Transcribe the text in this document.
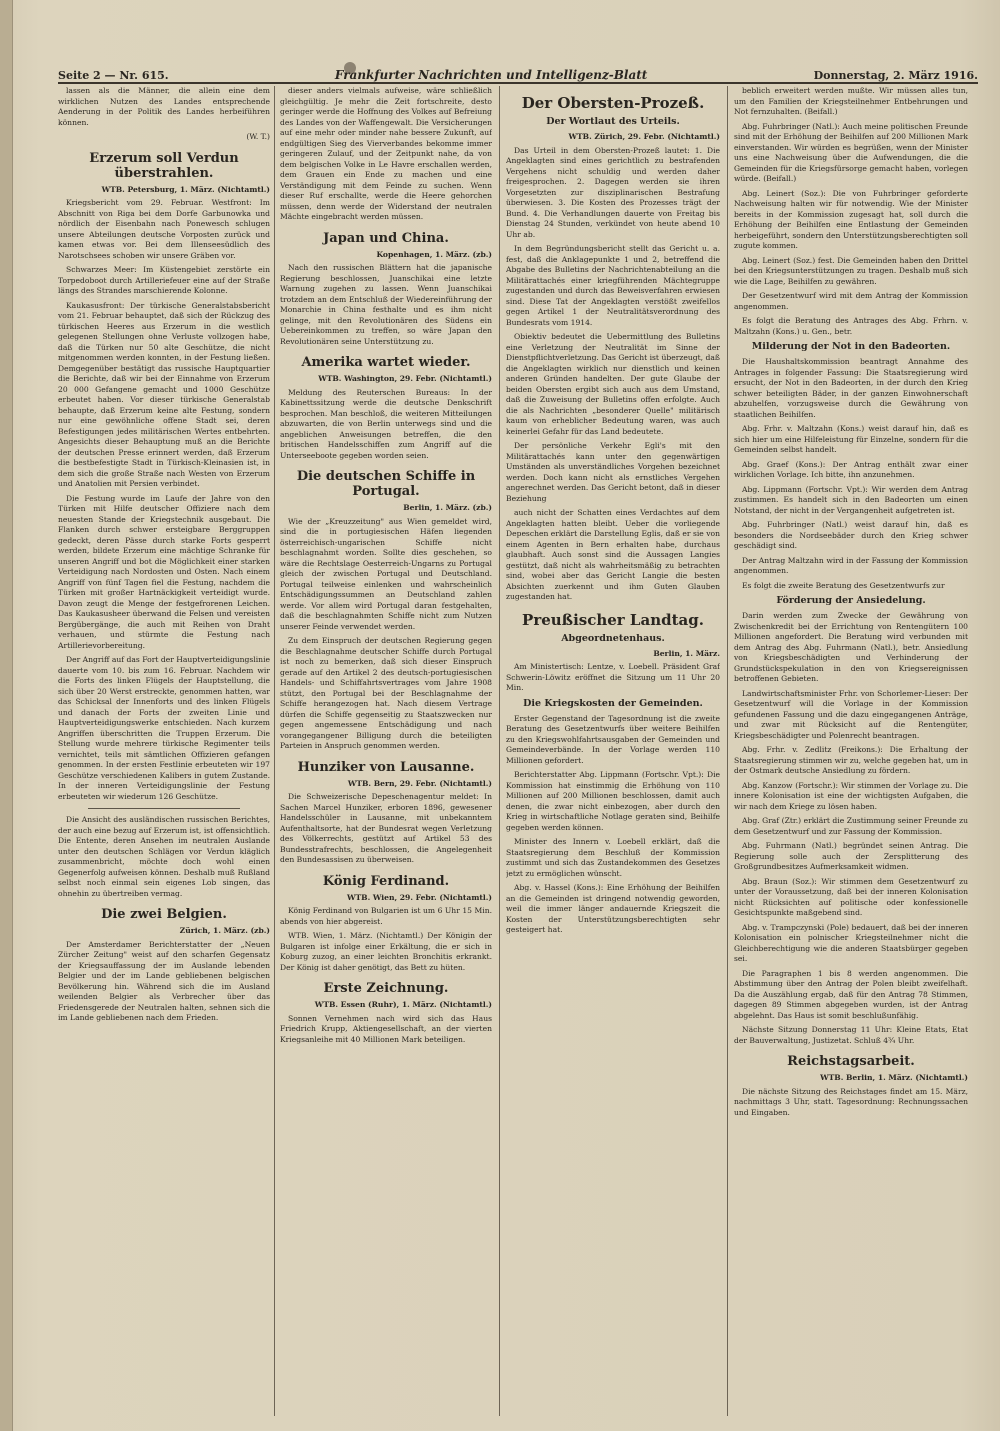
Seite 2 — Nr. 615.	Frankfurter Nachrichten und Intelligenz-Blatt	Donnerstag, 2. März 1916.

lassen als die Männer, die allein eine dem wirklichen Nutzen des Landes entsprechende Aenderung in der Politik des Landes herbeiführen können.

(W. T.)
Erzerum soll Verdun überstrahlen.
WTB. Petersburg, 1. März. (Nichtamtl.)

Kriegsbericht vom 29. Februar. Westfront: Im Abschnitt von Riga bei dem Dorfe Garbunowka und nördlich der Eisenbahn nach Ponewesch schlugen unsere Abteilungen deutsche Vorposten zurück und kamen etwas vor. Bei dem Illenseesüdlich des Narotschsees schoben wir unsere Gräben vor.

Schwarzes Meer: Im Küstengebiet zerstörte ein Torpedoboot durch Artilleriefeuer eine auf der Straße längs des Strandes marschierende Kolonne.

Kaukasusfront: Der türkische Generalstabsbericht vom 21. Februar behauptet, daß sich der Rückzug des türkischen Heeres aus Erzerum in die westlich gelegenen Stellungen ohne Verluste vollzogen habe, daß die Türken nur 50 alte Geschütze, die nicht mitgenommen werden konnten, in der Festung ließen. Demgegenüber bestätigt das russische Hauptquartier die Berichte, daß wir bei der Einnahme von Erzerum 20 000 Gefangene gemacht und 1000 Geschütze erbeutet haben. Vor dieser türkische Generalstab behaupte, daß Erzerum keine alte Festung, sondern nur eine gewöhnliche offene Stadt sei, deren Befestigungen jedes militärischen Wertes entbehrten. Angesichts dieser Behauptung muß an die Berichte der deutschen Presse erinnert werden, daß Erzerum die bestbefestigte Stadt in Türkisch-Kleinasien ist, in dem sich die große Straße nach Westen von Erzerum und Anatolien mit Persien verbindet.

Die Festung wurde im Laufe der Jahre von den Türken mit Hilfe deutscher Offiziere nach dem neuesten Stande der Kriegstechnik ausgebaut. Die Flanken durch schwer ersteigbare Berggruppen gedeckt, deren Pässe durch starke Forts gesperrt werden, bildete Erzerum eine mächtige Schranke für unseren Angriff und bot die Möglichkeit einer starken Verteidigung nach Nordosten und Osten. Nach einem Angriff von fünf Tagen fiel die Festung, nachdem die Türken mit großer Hartnäckigkeit verteidigt wurde. Davon zeugt die Menge der festgefrorenen Leichen. Das Kaukasusheer überwand die Felsen und vereisten Bergübergänge, die auch mit Reihen von Draht verhauen, und stürmte die Festung nach Artillerievorbereitung.

Der Angriff auf das Fort der Hauptverteidigungslinie dauerte vom 10. bis zum 16. Februar. Nachdem wir die Forts des linken Flügels der Hauptstellung, die sich über 20 Werst erstreckte, genommen hatten, war das Schicksal der Innenforts und des linken Flügels und danach der Forts der zweiten Linie und Hauptverteidigungswerke entschieden. Nach kurzem Angriffen überschritten die Truppen Erzerum. Die Stellung wurde mehrere türkische Regimenter teils vernichtet, teils mit sämtlichen Offizieren gefangen genommen. In der ersten Festlinie erbeuteten wir 197 Geschütze verschiedenen Kalibers in gutem Zustande. In der inneren Verteidigungslinie der Festung erbeuteten wir wiederum 126 Geschütze.

Die Ansicht des ausländischen russischen Berichtes, der auch eine bezug auf Erzerum ist, ist offensichtlich. Die Entente, deren Ansehen im neutralen Auslande unter den deutschen Schlägen vor Verdun kläglich zusammenbricht, möchte doch wohl einen Gegenerfolg aufweisen können. Deshalb muß Rußland selbst noch einmal sein eigenes Lob singen, das ohnehin zu übertreiben vermag.

Die zwei Belgien.
Zürich, 1. März. (zb.)

Der Amsterdamer Berichterstatter der „Neuen Zürcher Zeitung" weist auf den scharfen Gegensatz der Kriegsauffassung der im Auslande lebenden Belgier und der im Lande gebliebenen belgischen Bevölkerung hin. Während sich die im Ausland weilenden Belgier als Verbrecher über das Friedensgerede der Neutralen halten, sehnen sich die im Lande gebliebenen nach dem Frieden.

dieser anders vielmals aufweise, wäre schließlich gleichgültig. Je mehr die Zeit fortschreite, desto geringer werde die Hoffnung des Volkes auf Befreiung des Landes von der Waffengewalt. Die Versicherungen auf eine mehr oder minder nahe bessere Zukunft, auf endgültigen Sieg des Vierverbandes bekomme immer geringeren Zulauf, und der Zeitpunkt nahe, da von dem belgischen Volke in Le Havre erschallen werden, dem Grauen ein Ende zu machen und eine Verständigung mit dem Feinde zu suchen. Wenn dieser Ruf erschallte, werde die Heere gehorchen müssen, denn werde der Widerstand der neutralen Mächte eingebracht werden müssen.

Japan und China.
Kopenhagen, 1. März. (zb.)

Nach den russischen Blättern hat die japanische Regierung beschlossen, Juanschikai eine letzte Warnung zugehen zu lassen. Wenn Juanschikai trotzdem an dem Entschluß der Wiedereinführung der Monarchie in China festhalte und es ihm nicht gelinge, mit den Revolutionären des Südens ein Uebereinkommen zu treffen, so wäre Japan den Revolutionären seine Unterstützung zu.

Amerika wartet wieder.
WTB. Washington, 29. Febr. (Nichtamtl.)

Meldung des Reuterschen Bureaus: In der Kabinettssitzung werde die deutsche Denkschrift besprochen. Man beschloß, die weiteren Mitteilungen abzuwarten, die von Berlin unterwegs sind und die angeblichen Anweisungen betreffen, die den britischen Handelsschiffen zum Angriff auf die Unterseeboote gegeben worden seien.

Die deutschen Schiffe in Portugal.
Berlin, 1. März. (zb.)

Wie der „Kreuzzeitung" aus Wien gemeldet wird, sind die in portugiesischen Häfen liegenden österreichisch-ungarischen Schiffe nicht beschlagnahmt worden. Sollte dies geschehen, so wäre die Rechtslage Oesterreich-Ungarns zu Portugal gleich der zwischen Portugal und Deutschland. Portugal teilweise einlenken und wahrscheinlich Entschädigungssummen an Deutschland zahlen werde. Vor allem wird Portugal daran festgehalten, daß die beschlagnahmten Schiffe nicht zum Nutzen unserer Feinde verwendet werden.

Zu dem Einspruch der deutschen Regierung gegen die Beschlagnahme deutscher Schiffe durch Portugal ist noch zu bemerken, daß sich dieser Einspruch gerade auf den Artikel 2 des deutsch-portugiesischen Handels- und Schiffahrtsvertrages vom Jahre 1908 stützt, den Portugal bei der Beschlagnahme der Schiffe herangezogen hat. Nach diesem Vertrage dürfen die Schiffe gegenseitig zu Staatszwecken nur gegen angemessene Entschädigung und nach vorangegangener Billigung durch die beteiligten Parteien in Anspruch genommen werden.

Hunziker von Lausanne.
WTB. Bern, 29. Febr. (Nichtamtl.)

Die Schweizerische Depeschenagentur meldet: In Sachen Marcel Hunziker, erboren 1896, gewesener Handelsschüler in Lausanne, mit unbekanntem Aufenthaltsorte, hat der Bundesrat wegen Verletzung des Völkerrechts, gestützt auf Artikel 53 des Bundesstrafrechts, beschlossen, die Angelegenheit den Bundesassisen zu überweisen.

König Ferdinand.
WTB. Wien, 29. Febr. (Nichtamtl.)

König Ferdinand von Bulgarien ist um 6 Uhr 15 Min. abends von hier abgereist.

WTB. Wien, 1. März. (Nichtamtl.) Der Königin der Bulgaren ist infolge einer Erkältung, die er sich in Koburg zuzog, an einer leichten Bronchitis erkrankt. Der König ist daher genötigt, das Bett zu hüten.

Erste Zeichnung.
WTB. Essen (Ruhr), 1. März. (Nichtamtl.)

Sonnen Vernehmen nach wird sich das Haus Friedrich Krupp, Aktiengesellschaft, an der vierten Kriegsanleihe mit 40 Millionen Mark beteiligen.

Der Obersten-Prozeß.
Der Wortlaut des Urteils.
WTB. Zürich, 29. Febr. (Nichtamtl.)

Das Urteil in dem Obersten-Prozeß lautet: 1. Die Angeklagten sind eines gerichtlich zu bestrafenden Vergehens nicht schuldig und werden daher freigesprochen. 2. Dagegen werden sie ihren Vorgesetzten zur disziplinarischen Bestrafung überwiesen. 3. Die Kosten des Prozesses trägt der Bund. 4. Die Verhandlungen dauerte von Freitag bis Dienstag 24 Stunden, verkündet von heute abend 10 Uhr ab.

In dem Begründungsbericht stellt das Gericht u. a. fest, daß die Anklagepunkte 1 und 2, betreffend die Abgabe des Bulletins der Nachrichtenabteilung an die Militärattachés einer kriegführenden Mächtegruppe zugestanden und durch das Beweisverfahren erwiesen sind. Diese Tat der Angeklagten verstößt zweifellos gegen Artikel 1 der Neutralitätsverordnung des Bundesrats vom 1914.

Obiektiv bedeutet die Uebermittlung des Bulletins eine Verletzung der Neutralität im Sinne der Dienstpflichtverletzung. Das Gericht ist überzeugt, daß die Angeklagten wirklich nur dienstlich und keinen anderen Gründen handelten. Der gute Glaube der beiden Obersten ergibt sich auch aus dem Umstand, daß die Zuweisung der Bulletins offen erfolgte. Auch die als Nachrichten „besonderer Quelle" militärisch kaum von erheblicher Bedeutung waren, was auch keinerlei Gefahr für das Land bedeutete.

Der persönliche Verkehr Egli's mit den Militärattachés kann unter den gegenwärtigen Umständen als unverständliches Vorgehen bezeichnet werden. Doch kann nicht als ernstliches Vergehen angerechnet werden. Das Gericht betont, daß in dieser Beziehung

auch nicht der Schatten eines Verdachtes auf dem Angeklagten hatten bleibt. Ueber die vorliegende Depeschen erklärt die Darstellung Eglis, daß er sie von einem Agenten in Bern erhalten habe, durchaus glaubhaft. Auch sonst sind die Aussagen Langies gestützt, daß nicht als wahrheitsmäßig zu betrachten sind, wobei aber das Gericht Langie die besten Absichten zuerkennt und ihm Guten Glauben zugestanden hat.

Preußischer Landtag.
Abgeordnetenhaus.
Berlin, 1. März.

Am Ministertisch: Lentze, v. Loebell. Präsident Graf Schwerin-Löwitz eröffnet die Sitzung um 11 Uhr 20 Min.

Die Kriegskosten der Gemeinden.

Erster Gegenstand der Tagesordnung ist die zweite Beratung des Gesetzentwurfs über weitere Beihilfen zu den Kriegswohlfahrtsausgaben der Gemeinden und Gemeindeverbände. In der Vorlage werden 110 Millionen gefordert.

Berichterstatter Abg. Lippmann (Fortschr. Vpt.): Die Kommission hat einstimmig die Erhöhung von 110 Millionen auf 200 Millionen beschlossen, damit auch denen, die zwar nicht einbezogen, aber durch den Krieg in wirtschaftliche Notlage geraten sind, Beihilfe gegeben werden können.

Minister des Innern v. Loebell erklärt, daß die Staatsregierung dem Beschluß der Kommission zustimmt und sich das Zustandekommen des Gesetzes jetzt zu ermöglichen wünscht.

Abg. v. Hassel (Kons.): Eine Erhöhung der Beihilfen an die Gemeinden ist dringend notwendig geworden, weil die immer länger andauernde Kriegszeit die Kosten der Unterstützungsberechtigten sehr gesteigert hat.

beblich erweitert werden mußte. Wir müssen alles tun, um den Familien der Kriegsteilnehmer Entbehrungen und Not fernzuhalten. (Beifall.)

Abg. Fuhrbringer (Natl.): Auch meine politischen Freunde sind mit der Erhöhung der Beihilfen auf 200 Millionen Mark einverstanden. Wir würden es begrüßen, wenn der Minister uns eine Nachweisung über die Aufwendungen, die die Gemeinden für die Kriegsfürsorge gemacht haben, vorlegen würde. (Beifall.)

Abg. Leinert (Soz.): Die von Fuhrbringer geforderte Nachweisung halten wir für notwendig. Wie der Minister bereits in der Kommission zugesagt hat, soll durch die Erhöhung der Beihilfen eine Entlastung der Gemeinden herbeigeführt, sondern den Unterstützungsberechtigten soll zugute kommen.

Abg. Leinert (Soz.) fest. Die Gemeinden haben den Drittel bei den Kriegsunterstützungen zu tragen. Deshalb muß sich wie die Lage, Beihilfen zu gewähren.

Der Gesetzentwurf wird mit dem Antrag der Kommission angenommen.

Es folgt die Beratung des Antrages des Abg. Frhrn. v. Maltzahn (Kons.) u. Gen., betr.

Milderung der Not in den Badeorten.

Die Haushaltskommission beantragt Annahme des Antrages in folgender Fassung: Die Staatsregierung wird ersucht, der Not in den Badeorten, in der durch den Krieg schwer beteiligten Bäder, in der ganzen Einwohnerschaft abzuhelfen, vorzugsweise durch die Gewährung von staatlichen Beihilfen.

Abg. Frhr. v. Maltzahn (Kons.) weist darauf hin, daß es sich hier um eine Hilfeleistung für Einzelne, sondern für die Gemeinden selbst handelt.

Abg. Graef (Kons.): Der Antrag enthält zwar einer wirklichen Vorlage. Ich bitte, ihn anzunehmen.

Abg. Lippmann (Fortschr. Vpt.): Wir werden dem Antrag zustimmen. Es handelt sich in den Badeorten um einen Notstand, der nicht in der Vergangenheit aufgetreten ist.

Abg. Fuhrbringer (Natl.) weist darauf hin, daß es besonders die Nordseebäder durch den Krieg schwer geschädigt sind.

Der Antrag Maltzahn wird in der Fassung der Kommission angenommen.

Es folgt die zweite Beratung des Gesetzentwurfs zur

Förderung der Ansiedelung.

Darin werden zum Zwecke der Gewährung von Zwischenkredit bei der Errichtung von Rentengütern 100 Millionen angefordert. Die Beratung wird verbunden mit dem Antrag des Abg. Fuhrmann (Natl.), betr. Ansiedlung von Kriegsbeschädigten und Verhinderung der Grundstückspekulation in den von Kriegsereignissen betroffenen Gebieten.

Landwirtschaftsminister Frhr. von Schorlemer-Lieser: Der Gesetzentwurf will die Vorlage in der Kommission gefundenen Fassung und die dazu eingegangenen Anträge, und zwar mit Rücksicht auf die Rentengüter, Kriegsbeschädigter und Polenrecht beantragen.

Abg. Frhr. v. Zedlitz (Freikons.): Die Erhaltung der Staatsregierung stimmen wir zu, welche gegeben hat, um in der Ostmark deutsche Ansiedlung zu fördern.

Abg. Kanzow (Fortschr.): Wir stimmen der Vorlage zu. Die innere Kolonisation ist eine der wichtigsten Aufgaben, die wir nach dem Kriege zu lösen haben.

Abg. Graf (Ztr.) erklärt die Zustimmung seiner Freunde zu dem Gesetzentwurf und zur Fassung der Kommission.

Abg. Fuhrmann (Natl.) begründet seinen Antrag. Die Regierung solle auch der Zersplitterung des Großgrundbesitzes Aufmerksamkeit widmen.

Abg. Braun (Soz.): Wir stimmen dem Gesetzentwurf zu unter der Voraussetzung, daß bei der inneren Kolonisation nicht Rücksichten auf politische oder konfessionelle Gesichtspunkte maßgebend sind.

Abg. v. Trampczynski (Pole) bedauert, daß bei der inneren Kolonisation ein polnischer Kriegsteilnehmer nicht die Gleichberechtigung wie die anderen Staatsbürger gegeben sei.

Die Paragraphen 1 bis 8 werden angenommen. Die Abstimmung über den Antrag der Polen bleibt zweifelhaft. Da die Auszählung ergab, daß für den Antrag 78 Stimmen, dagegen 89 Stimmen abgegeben wurden, ist der Antrag abgelehnt. Das Haus ist somit beschlußunfähig.

Nächste Sitzung Donnerstag 11 Uhr: Kleine Etats, Etat der Bauverwaltung, Justizetat. Schluß 4¾ Uhr.

Reichstagsarbeit.
WTB. Berlin, 1. März. (Nichtamtl.)

Die nächste Sitzung des Reichstages findet am 15. März, nachmittags 3 Uhr, statt. Tagesordnung: Rechnungssachen und Eingaben.
